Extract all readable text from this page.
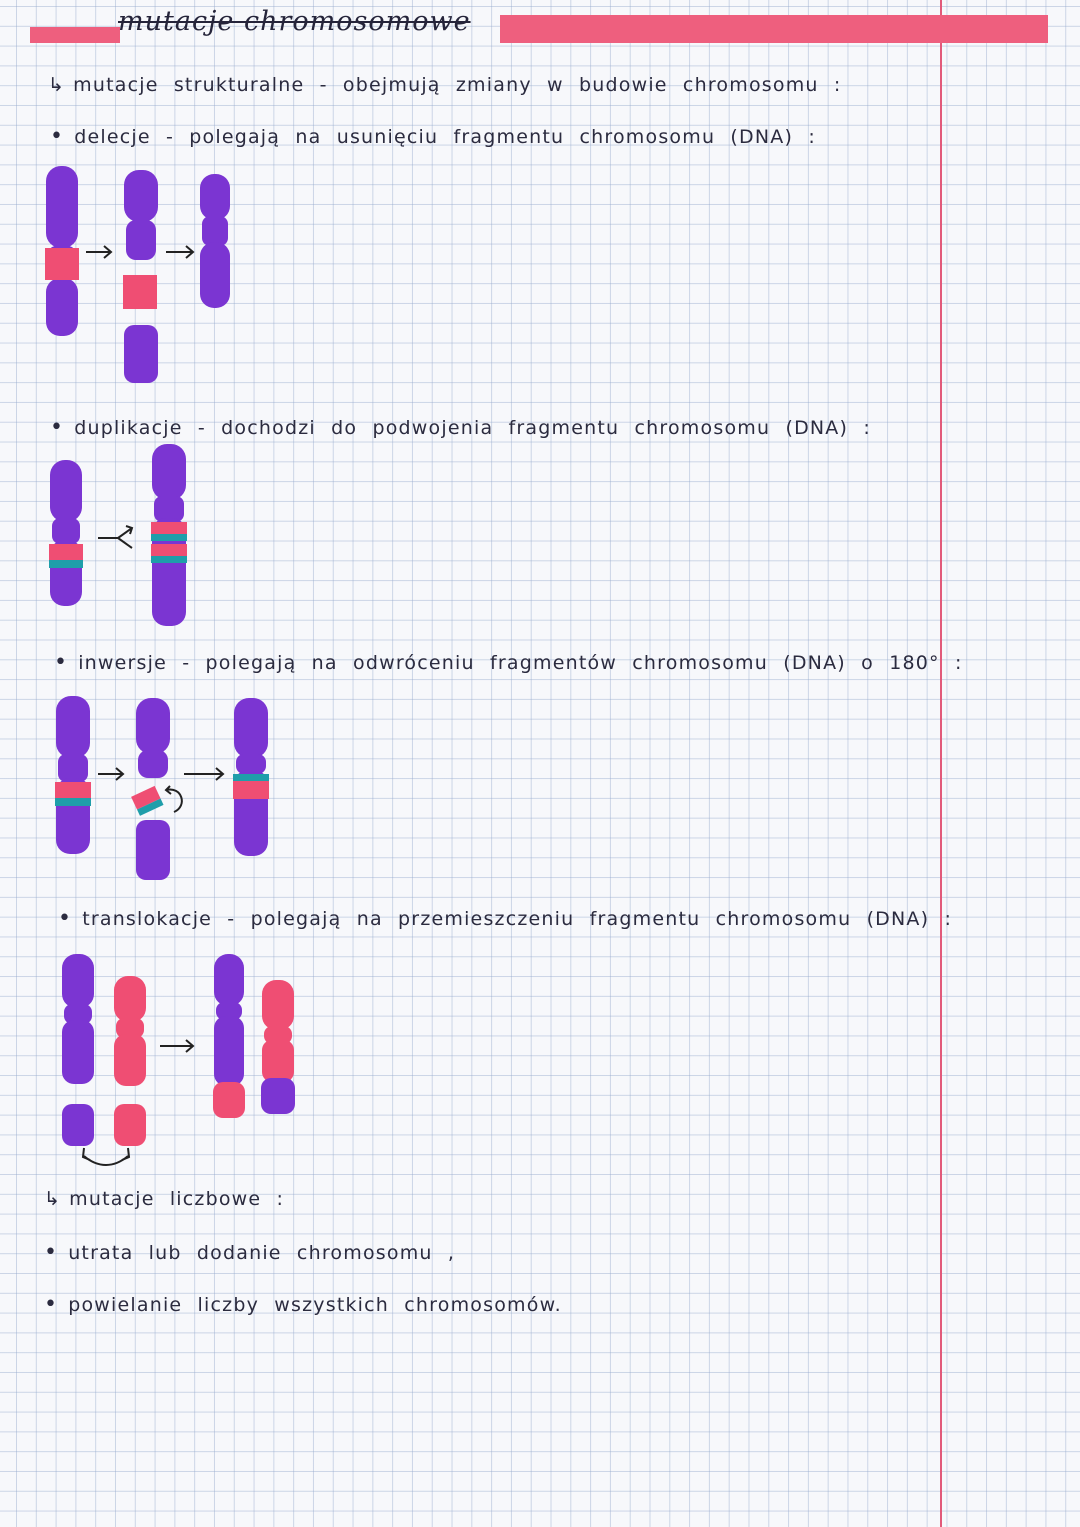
mutacje chromosomowe
↳ mutacje strukturalne - obejmują zmiany w budowie chromosomu :
• delecje - polegają na usunięciu fragmentu chromosomu (DNA) :
• duplikacje - dochodzi do podwojenia fragmentu chromosomu (DNA) :
• inwersje - polegają na odwróceniu fragmentów chromosomu (DNA) o 180° :
• translokacje - polegają na przemieszczeniu fragmentu chromosomu (DNA) :
↳ mutacje liczbowe :
• utrata lub dodanie chromosomu ,
• powielanie liczby wszystkich chromosomów.
